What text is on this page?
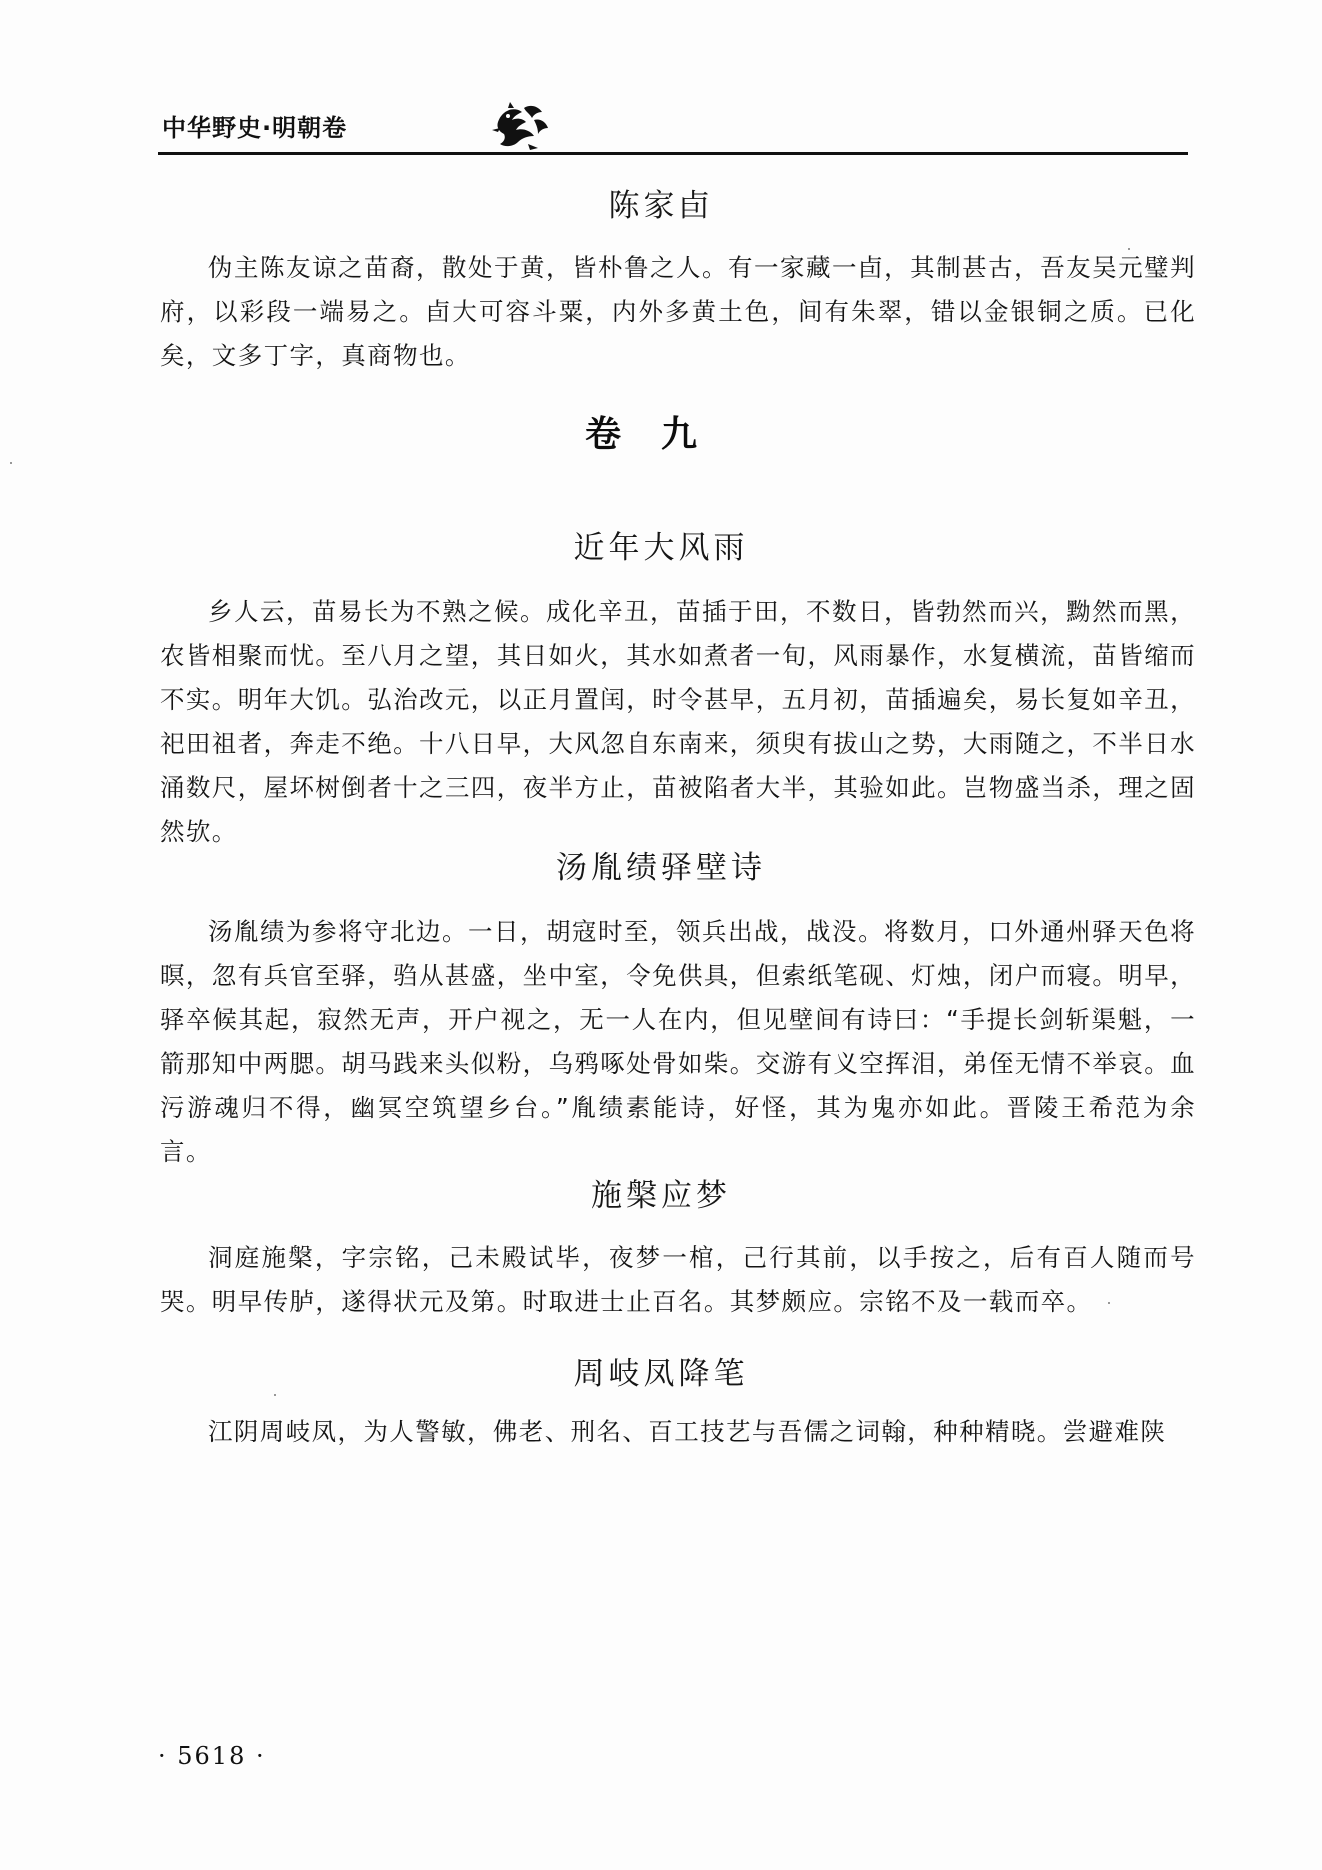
中华野史·明朝卷
陈家卣

伪主陈友谅之苗裔，散处于黄，皆朴鲁之人。有一家藏一卣，其制甚古，吾友吴元璧判府，以彩段一端易之。卣大可容斗粟，内外多黄土色，间有朱翠，错以金银铜之质。已化矣，文多丁字，真商物也。

卷九
近年大风雨

乡人云，苗易长为不熟之候。成化辛丑，苗插于田，不数日，皆勃然而兴，黝然而黑，农皆相聚而忧。至八月之望，其日如火，其水如煮者一旬，风雨暴作，水复横流，苗皆缩而不实。明年大饥。弘治改元，以正月置闰，时令甚早，五月初，苗插遍矣，易长复如辛丑，祀田祖者，奔走不绝。十八日早，大风忽自东南来，须臾有拔山之势，大雨随之，不半日水涌数尺，屋坏树倒者十之三四，夜半方止，苗被陷者大半，其验如此。岂物盛当杀，理之固然欤。

汤胤绩驿壁诗

汤胤绩为参将守北边。一日，胡寇时至，领兵出战，战没。将数月，口外通州驿天色将暝，忽有兵官至驿，驺从甚盛，坐中室，令免供具，但索纸笔砚、灯烛，闭户而寝。明早，驿卒候其起，寂然无声，开户视之，无一人在内，但见壁间有诗曰：“手提长剑斩渠魁，一箭那知中两腮。胡马践来头似粉，乌鸦啄处骨如柴。交游有义空挥泪，弟侄无情不举哀。血污游魂归不得，幽冥空筑望乡台。”胤绩素能诗，好怪，其为鬼亦如此。晋陵王希范为余言。

施槃应梦

洞庭施槃，字宗铭，己未殿试毕，夜梦一棺，己行其前，以手按之，后有百人随而号哭。明早传胪，遂得状元及第。时取进士止百名。其梦颇应。宗铭不及一载而卒。

周岐凤降笔

江阴周岐凤，为人警敏，佛老、刑名、百工技艺与吾儒之词翰，种种精晓。尝避难陕

· 5618 ·
